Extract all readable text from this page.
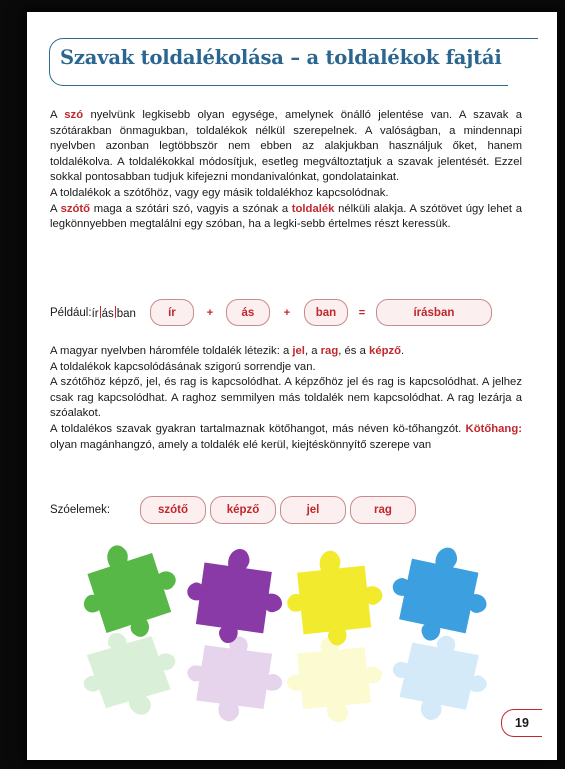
Szavak toldalékolása – a toldalékok fajtái

A szó nyelvünk legkisebb olyan egysége, amelynek önálló jelentése van. A szavak a szótárakban önmagukban, toldalékok nélkül szerepelnek. A valóságban, a mindennapi nyelvben azonban legtöbbször nem ebben az alakjukban használjuk őket, hanem toldalékolva. A toldalékokkal módosítjuk, esetleg megváltoztatjuk a szavak jelentését. Ezzel sokkal pontosabban tudjuk kifejezni mondanivalónkat, gondolatainkat.

A toldalékok a szótőhöz, vagy egy másik toldalékhoz kapcsolódnak.

A szótő maga a szótári szó, vagyis a szónak a toldalék nélküli alakja. A szótövet úgy lehet a legkönnyebben megtalálni egy szóban, ha a legki-sebb értelmes részt keressük.

Például: ír ás ban	ír	+	ás	+	ban	=	írásban

A magyar nyelvben háromféle toldalék létezik: a jel, a rag, és a képző.

A toldalékok kapcsolódásának szigorú sorrendje van.

A szótőhöz képző, jel, és rag is kapcsolódhat. A képzőhöz jel és rag is kapcsolódhat. A jelhez csak rag kapcsolódhat. A raghoz semmilyen más toldalék nem kapcsolódhat. A rag lezárja a szóalakot.

A toldalékos szavak gyakran tartalmaznak kötőhangot, más néven kö-tőhangzót. Kötőhang: olyan magánhangzó, amely a toldalék elé kerül, kiejtéskönnyítő szerepe van

Szóelemek:	szótő	képző	jel	rag
19
